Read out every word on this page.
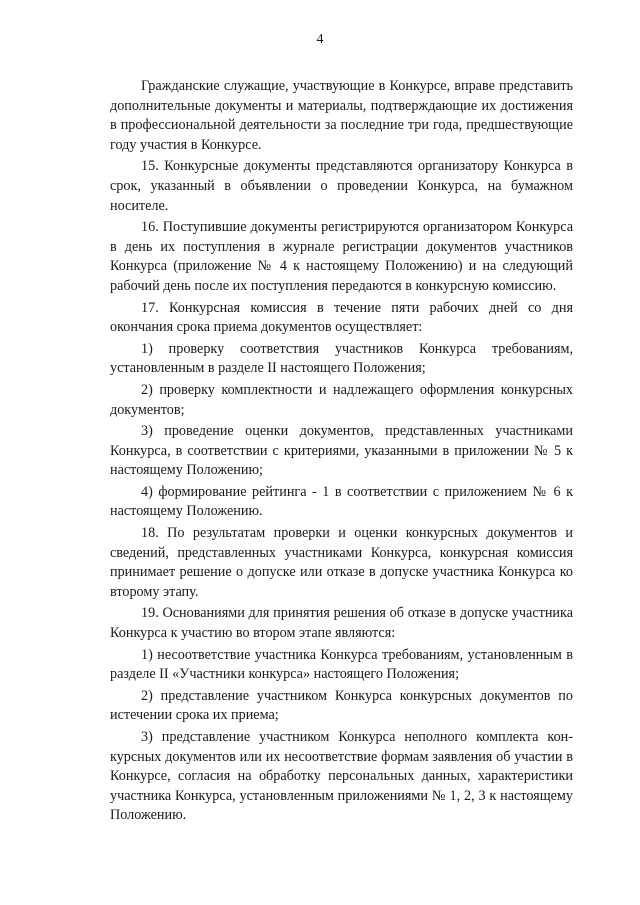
4

Гражданские служащие, участвующие в Конкурсе, вправе представить дополнительные документы и материалы, подтверждающие их достижения в профессиональной деятельности за последние три года, предшествующие году участия в Конкурсе.

15. Конкурсные документы представляются организатору Конкурса в срок, указанный в объявлении о проведении Конкурса, на бумажном носителе.

16. Поступившие документы регистрируются организатором Конкурса в день их поступления в журнале регистрации документов участников Конкурса (приложение № 4 к настоящему Положению) и на следующий рабочий день после их поступления передаются в конкурсную комиссию.

17. Конкурсная комиссия в течение пяти рабочих дней со дня окончания срока приема документов осуществляет:

1) проверку соответствия участников Конкурса требованиям, установленным в разделе II настоящего Положения;

2) проверку комплектности и надлежащего оформления конкурсных документов;

3) проведение оценки документов, представленных участниками Конкурса, в соответствии с критериями, указанными в приложении № 5 к настоящему Положению;

4) формирование рейтинга - 1 в соответствии с приложением № 6 к настоящему Положению.

18. По результатам проверки и оценки конкурсных документов и сведений, представленных участниками Конкурса, конкурсная комиссия принимает решение о допуске или отказе в допуске участника Конкурса ко второму этапу.

19. Основаниями для принятия решения об отказе в допуске участника Конкурса к участию во втором этапе являются:

1) несоответствие участника Конкурса требованиям, установленным в разделе II «Участники конкурса» настоящего Положения;

2) представление участником Конкурса конкурсных документов по истечении срока их приема;

3) представление участником Конкурса неполного комплекта конкурсных документов или их несоответствие формам заявления об участии в Конкурсе, согласия на обработку персональных данных, характеристики участника Конкурса, установленным приложениями № 1, 2, 3 к настоящему Положению.
